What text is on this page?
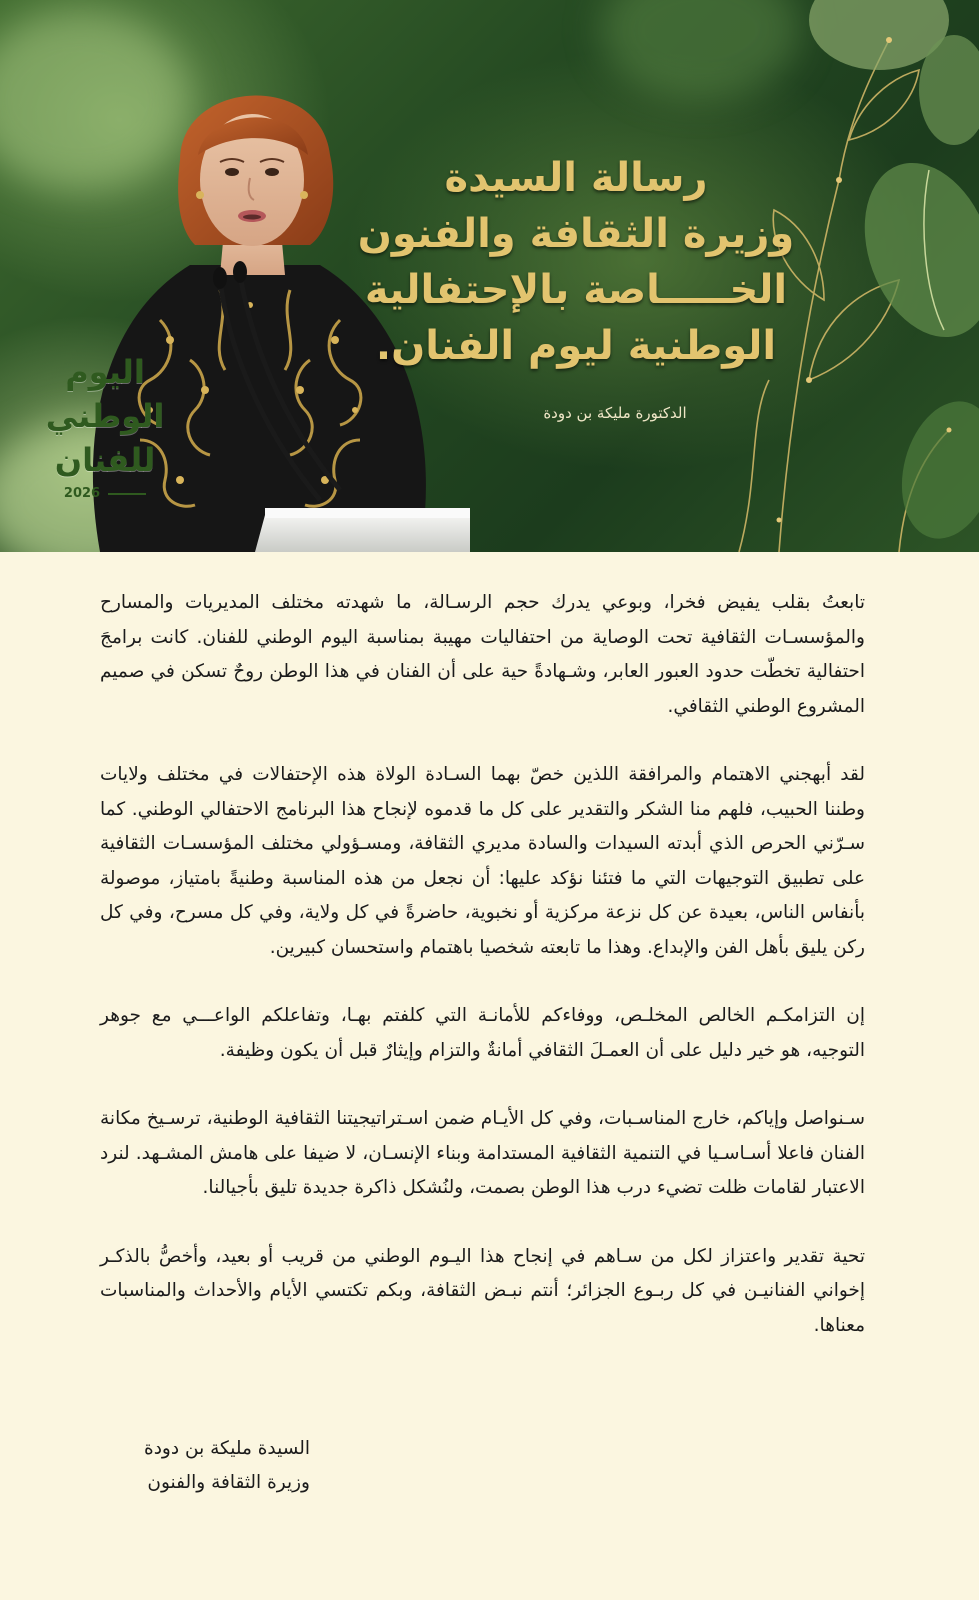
اليوم
الوطني
للفنان
2026
رسالة السيدة
وزيرة الثقافة والفنون
الخـــــاصة بالإحتفالية
الوطنية ليوم الفنان.
الدكتورة مليكة بن دودة

تابعتُ بقلب يفيض فخرا، وبوعي يدرك حجم الرسـالة، ما شهدته مختلف المديريات والمسارح والمؤسسـات الثقافية تحت الوصاية من احتفاليات مهيبة بمناسبة اليوم الوطني للفنان. كانت برامجَ احتفالية تخطّت حدود العبور العابر، وشـهادةً حية على أن الفنان في هذا الوطن روحٌ تسكن في صميم المشروع الوطني الثقافي.

لقد أبهجني الاهتمام والمرافقة اللذين خصّ بهما السـادة الولاة هذه الإحتفالات في مختلف ولايات وطننا الحبيب، فلهم منا الشكر والتقدير على كل ما قدموه لإنجاح هذا البرنامج الاحتفالي الوطني. كما سـرّني الحرص الذي أبدته السيدات والسادة مديري الثقافة، ومسـؤولي مختلف المؤسسـات الثقافية على تطبيق التوجيهات التي ما فتئنا نؤكد عليها: أن نجعل من هذه المناسبة وطنيةً بامتياز، موصولة بأنفاس الناس، بعيدة عن كل نزعة مركزية أو نخبوية، حاضرةً في كل ولاية، وفي كل مسرح، وفي كل ركن يليق بأهل الفن والإبداع. وهذا ما تابعته شخصيا باهتمام واستحسان كبيرين.

إن التزامكـم الخالص المخلـص، ووفاءكم للأمانـة التي كلفتم بهـا، وتفاعلكم الواعـــي مع جوهر التوجيه، هو خير دليل على أن العمـلَ الثقافي أمانةٌ والتزام وإيثارٌ قبل أن يكون وظيفة.

سـنواصل وإياكم، خارج المناسـبات، وفي كل الأيـام ضمن اسـتراتيجيتنا الثقافية الوطنية، ترسـيخ مكانة الفنان فاعلا أسـاسـيا في التنمية الثقافية المستدامة وبناء الإنسـان، لا ضيفا على هامش المشـهد. لنرد الاعتبار لقامات ظلت تضيء درب هذا الوطن بصمت، ولنُشكل ذاكرة جديدة تليق بأجيالنا.

تحية تقدير واعتزاز لكل من سـاهم في إنجاح هذا اليـوم الوطني من قريب أو بعيد، وأخصُّ بالذكـر إخواني الفنانيـن في كل ربـوع الجزائر؛ أنتم نبـض الثقافة، وبكم تكتسي الأيام والأحداث والمناسبات معناها.

السيدة مليكة بن دودة
وزيرة الثقافة والفنون
